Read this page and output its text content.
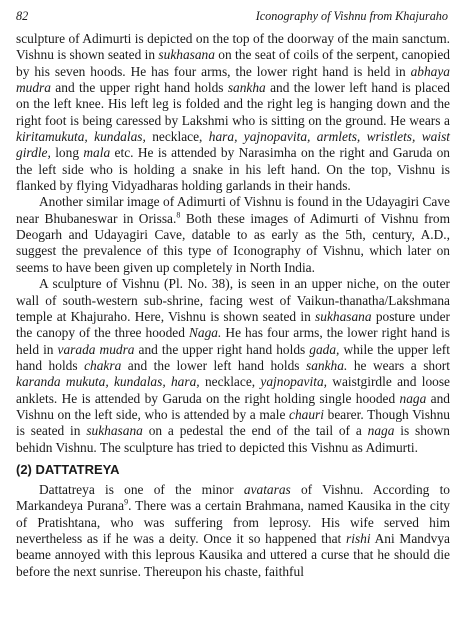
82	Iconography of Vishnu from Khajuraho

sculpture of Adimurti is depicted on the top of the doorway of the main sanctum. Vishnu is shown seated in sukhasana on the seat of coils of the serpent, canopied by his seven hoods. He has four arms, the lower right hand is held in abhaya mudra and the upper right hand holds sankha and the lower left hand is placed on the left knee. His left leg is folded and the right leg is hanging down and the right foot is being caressed by Lakshmi who is sitting on the ground. He wears a kiritamukuta, kundalas, necklace, hara, yajnopavita, armlets, wristlets, waist girdle, long mala etc. He is attended by Narasimha on the right and Garuda on the left side who is holding a snake in his left hand. On the top, Vishnu is flanked by flying Vidyadharas holding garlands in their hands.

Another similar image of Adimurti of Vishnu is found in the Udayagiri Cave near Bhubaneswar in Orissa.$^8$ Both these images of Adimurti of Vishnu from Deogarh and Udayagiri Cave, datable to as early as the 5th, century, A.D., suggest the prevalence of this type of Iconography of Vishnu, which later on seems to have been given up completely in North India.

A sculpture of Vishnu (Pl. No. 38), is seen in an upper niche, on the outer wall of south-western sub-shrine, facing west of Vaikun-thanatha/Lakshmana temple at Khajuraho. Here, Vishnu is shown seated in sukhasana posture under the canopy of the three hooded Naga. He has four arms, the lower right hand is held in varada mudra and the upper right hand holds gada, while the upper left hand holds chakra and the lower left hand holds sankha. he wears a short karanda mukuta, kundalas, hara, necklace, yajnopavita, waistgirdle and loose anklets. He is attended by Garuda on the right holding single hooded naga and Vishnu on the left side, who is attended by a male chauri bearer. Though Vishnu is seated in sukhasana on a pedestal the end of the tail of a naga is shown behidn Vishnu. The sculpture has tried to depicted this Vishnu as Adimurti.

(2) DATTATREYA

Dattatreya is one of the minor avataras of Vishnu. According to Markandeya Purana$^9$. There was a certain Brahmana, named Kausika in the city of Pratishtana, who was suffering from leprosy. His wife served him nevertheless as if he was a deity. Once it so happened that rishi Ani Mandvya beame annoyed with this leprous Kausika and uttered a curse that he should die before the next sunrise. Thereupon his chaste, faithful
